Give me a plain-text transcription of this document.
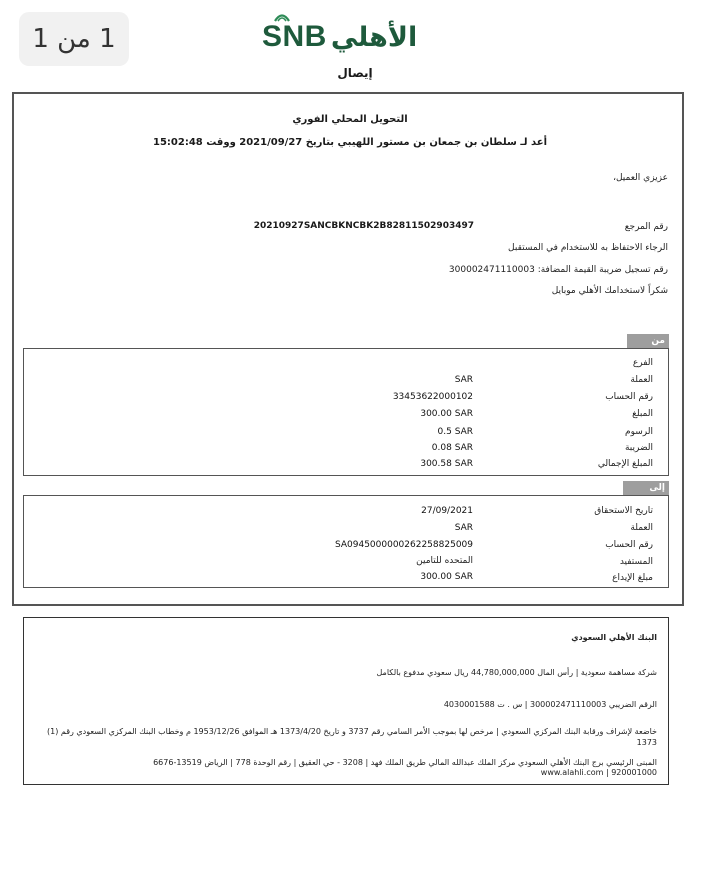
1 من 1	SNB الأهلي
إيصال
التحويل المحلي الفوري
أعد لـ سلطان بن جمعان بن مستور اللهيبي بتاريخ 2021/09/27 ووقت 15:02:48
عزيزي العميل،
رقم المرجع
20210927SANCBKNCBK2B82811502903497
الرجاء الاحتفاظ به للاستخدام في المستقبل
رقم تسجيل ضريبة القيمة المضافة: 300002471110003
شكراً لاستخدامك الأهلي موبايل
من
الفرع
العملة
SAR
رقم الحساب
33453622000102
المبلغ
300.00 SAR
الرسوم
0.5 SAR
الضريبة
0.08 SAR
المبلغ الإجمالي
300.58 SAR
إلى
تاريخ الاستحقاق
27/09/2021
العملة
SAR
رقم الحساب
SA0945000000262258825009
المستفيد
المتحده للتامين
مبلغ الإيداع
300.00 SAR
البنك الأهلي السعودي
شركة مساهمة سعودية | رأس المال 44,780,000,000 ريال سعودي مدفوع بالكامل
الرقم الضريبي 300002471110003 | س . ت 4030001588
خاضعة لإشراف ورقابة البنك المركزي السعودي | مرخص لها بموجب الأمر السامي رقم 3737 و تاريخ 1373/4/20 هـ الموافق 1953/12/26 م وخطاب البنك المركزي السعودي رقم (1) 1373
المبنى الرئيسي برج البنك الأهلي السعودي مركز الملك عبدالله المالي طريق الملك فهد | 3208 - حي العقيق | رقم الوحدة 778 | الرياض 13519-6676
920001000 | www.alahli.com
